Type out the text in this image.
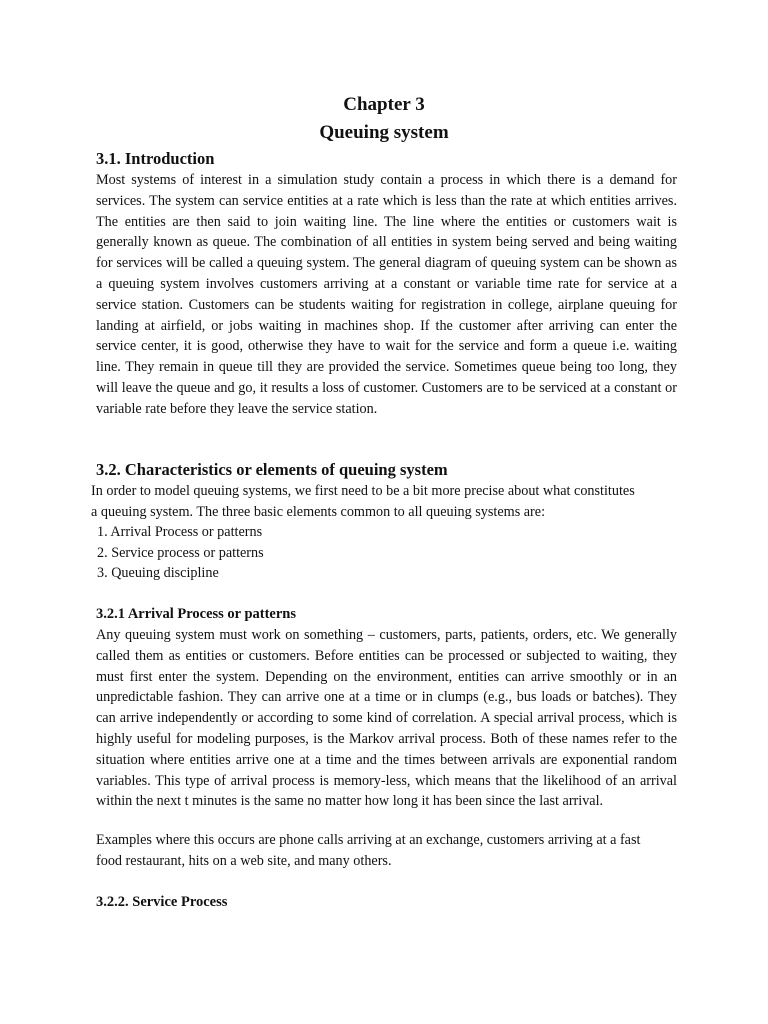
Chapter 3
Queuing system
3.1. Introduction

Most systems of interest in a simulation study contain a process in which there is a demand for services. The system can service entities at a rate which is less than the rate at which entities arrives. The entities are then said to join waiting line. The line where the entities or customers wait is generally known as queue. The combination of all entities in system being served and being waiting for services will be called a queuing system. The general diagram of queuing system can be shown as a queuing system involves customers arriving at a constant or variable time rate for service at a service station. Customers can be students waiting for registration in college, airplane queuing for landing at airfield, or jobs waiting in machines shop. If the customer after arriving can enter the service center, it is good, otherwise they have to wait for the service and form a queue i.e. waiting line. They remain in queue till they are provided the service. Sometimes queue being too long, they will leave the queue and go, it results a loss of customer. Customers are to be serviced at a constant or variable rate before they leave the service station.

3.2. Characteristics or elements of queuing system

In order to model queuing systems, we first need to be a bit more precise about what constitutes

a queuing system. The three basic elements common to all queuing systems are:

1. Arrival Process or patterns
2. Service process or patterns
3. Queuing discipline
3.2.1 Arrival Process or patterns

Any queuing system must work on something – customers, parts, patients, orders, etc. We generally called them as entities or customers. Before entities can be processed or subjected to waiting, they must first enter the system. Depending on the environment, entities can arrive smoothly or in an unpredictable fashion. They can arrive one at a time or in clumps (e.g., bus loads or batches). They can arrive independently or according to some kind of correlation. A special arrival process, which is highly useful for modeling purposes, is the Markov arrival process. Both of these names refer to the situation where entities arrive one at a time and the times between arrivals are exponential random variables. This type of arrival process is memory-less, which means that the likelihood of an arrival within the next t minutes is the same no matter how long it has been since the last arrival.

Examples where this occurs are phone calls arriving at an exchange, customers arriving at a fast

food restaurant, hits on a web site, and many others.

3.2.2. Service Process
